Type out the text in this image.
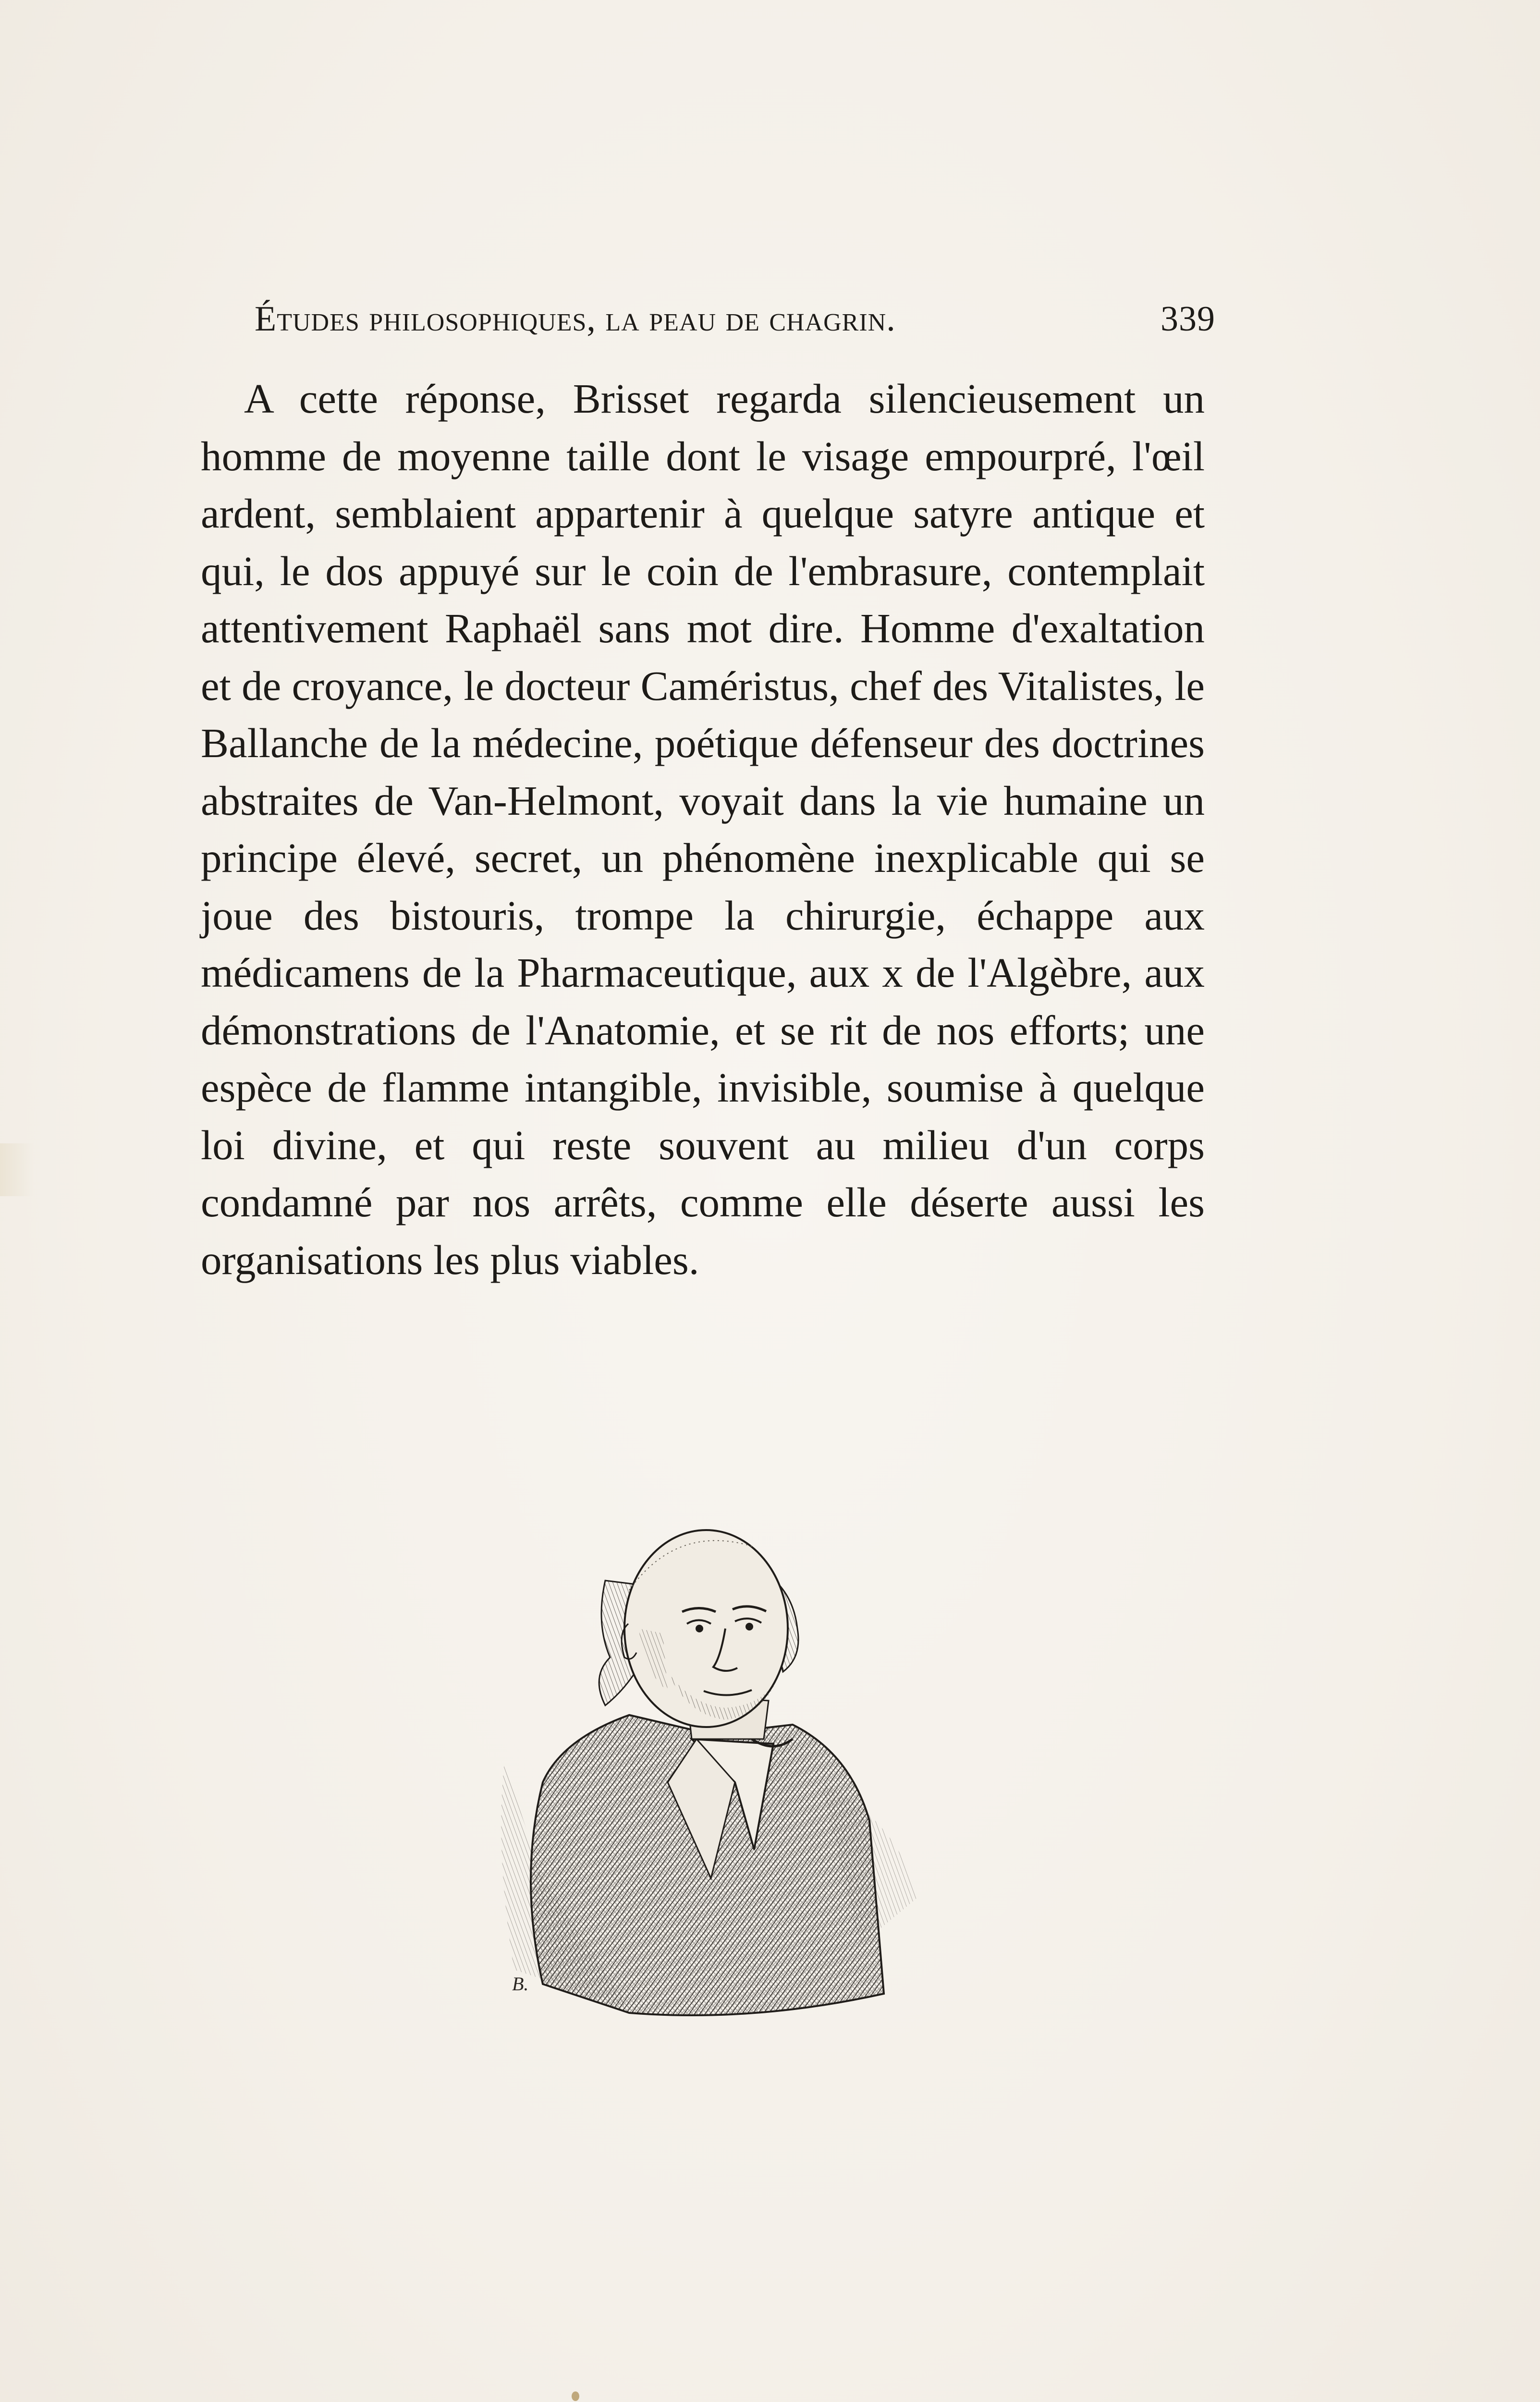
Études philosophiques, la peau de chagrin.	339

A cette réponse, Brisset regarda silencieusement un homme de moyenne taille dont le visage empourpré, l'œil ardent, semblaient appartenir à quelque satyre antique et qui, le dos appuyé sur le coin de l'embrasure, contemplait attentivement Raphaël sans mot dire. Homme d'exaltation et de croyance, le docteur Caméristus, chef des Vitalistes, le Ballanche de la médecine, poétique défenseur des doctrines abstraites de Van-Helmont, voyait dans la vie humaine un principe élevé, secret, un phénomène inexplicable qui se joue des bistouris, trompe la chirurgie, échappe aux médicamens de la Pharmaceutique, aux x de l'Algèbre, aux démonstrations de l'Anatomie, et se rit de nos efforts; une espèce de flamme intangible, invisible, soumise à quelque loi divine, et qui reste souvent au milieu d'un corps condamné par nos arrêts, comme elle déserte aussi les organisations les plus viables.

B.
